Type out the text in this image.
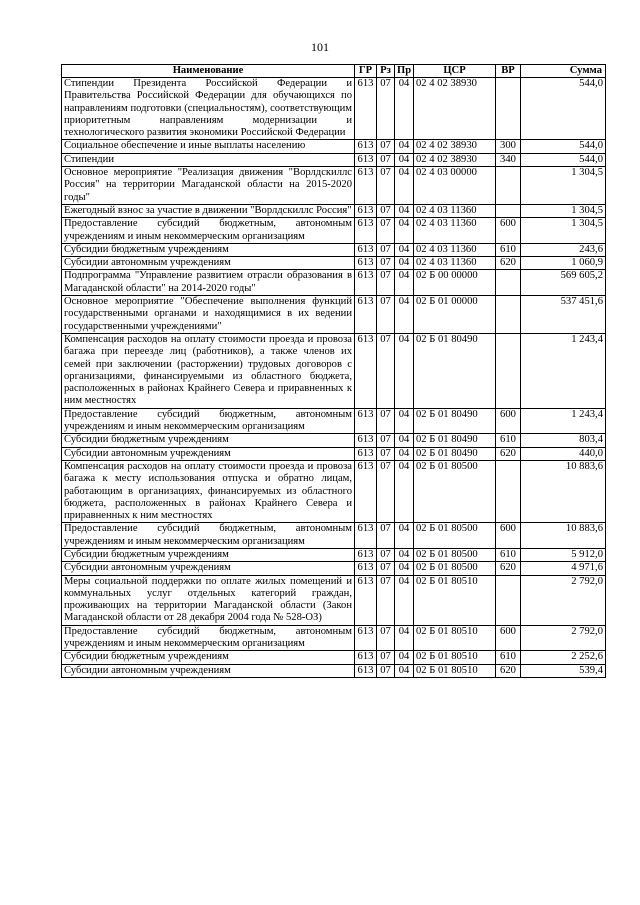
101
Наименование	ГР	Рз	Пр	ЦСР	ВР	Сумма
Стипендии Президента Российской Федерации и Правительства Российской Федерации для обучающихся по направлениям подготовки (специальностям), соответствующим приоритетным направлениям модернизации и технологического развития экономики Российской Федерации	613	07	04	02 4 02 38930		544,0
Социальное обеспечение и иные выплаты населению	613	07	04	02 4 02 38930	300	544,0
Стипендии	613	07	04	02 4 02 38930	340	544,0
Основное мероприятие "Реализация движения "Ворлдскиллс Россия" на территории Магаданской области на 2015-2020 годы"	613	07	04	02 4 03 00000		1 304,5
Ежегодный взнос за участие в движении "Ворлдскиллс Россия"	613	07	04	02 4 03 11360		1 304,5
Предоставление субсидий бюджетным, автономным учреждениям и иным некоммерческим организациям	613	07	04	02 4 03 11360	600	1 304,5
Субсидии бюджетным учреждениям	613	07	04	02 4 03 11360	610	243,6
Субсидии автономным учреждениям	613	07	04	02 4 03 11360	620	1 060,9
Подпрограмма "Управление развитием отрасли образования в Магаданской области" на 2014-2020 годы"	613	07	04	02 Б 00 00000		569 605,2
Основное мероприятие "Обеспечение выполнения функций государственными органами и находящимися в их ведении государственными учреждениями"	613	07	04	02 Б 01 00000		537 451,6
Компенсация расходов на оплату стоимости проезда и провоза багажа при переезде лиц (работников), а также членов их семей при заключении (расторжении) трудовых договоров с организациями, финансируемыми из областного бюджета, расположенных в районах Крайнего Севера и приравненных к ним местностях	613	07	04	02 Б 01 80490		1 243,4
Предоставление субсидий бюджетным, автономным учреждениям и иным некоммерческим организациям	613	07	04	02 Б 01 80490	600	1 243,4
Субсидии бюджетным учреждениям	613	07	04	02 Б 01 80490	610	803,4
Субсидии автономным учреждениям	613	07	04	02 Б 01 80490	620	440,0
Компенсация расходов на оплату стоимости проезда и провоза багажа к месту использования отпуска и обратно лицам, работающим в организациях, финансируемых из областного бюджета, расположенных в районах Крайнего Севера и приравненных к ним местностях	613	07	04	02 Б 01 80500		10 883,6
Предоставление субсидий бюджетным, автономным учреждениям и иным некоммерческим организациям	613	07	04	02 Б 01 80500	600	10 883,6
Субсидии бюджетным учреждениям	613	07	04	02 Б 01 80500	610	5 912,0
Субсидии автономным учреждениям	613	07	04	02 Б 01 80500	620	4 971,6
Меры социальной поддержки по оплате жилых помещений и коммунальных услуг отдельных категорий граждан, проживающих на территории Магаданской области (Закон Магаданской области от 28 декабря 2004 года № 528-ОЗ)	613	07	04	02 Б 01 80510		2 792,0
Предоставление субсидий бюджетным, автономным учреждениям и иным некоммерческим организациям	613	07	04	02 Б 01 80510	600	2 792,0
Субсидии бюджетным учреждениям	613	07	04	02 Б 01 80510	610	2 252,6
Субсидии автономным учреждениям	613	07	04	02 Б 01 80510	620	539,4
